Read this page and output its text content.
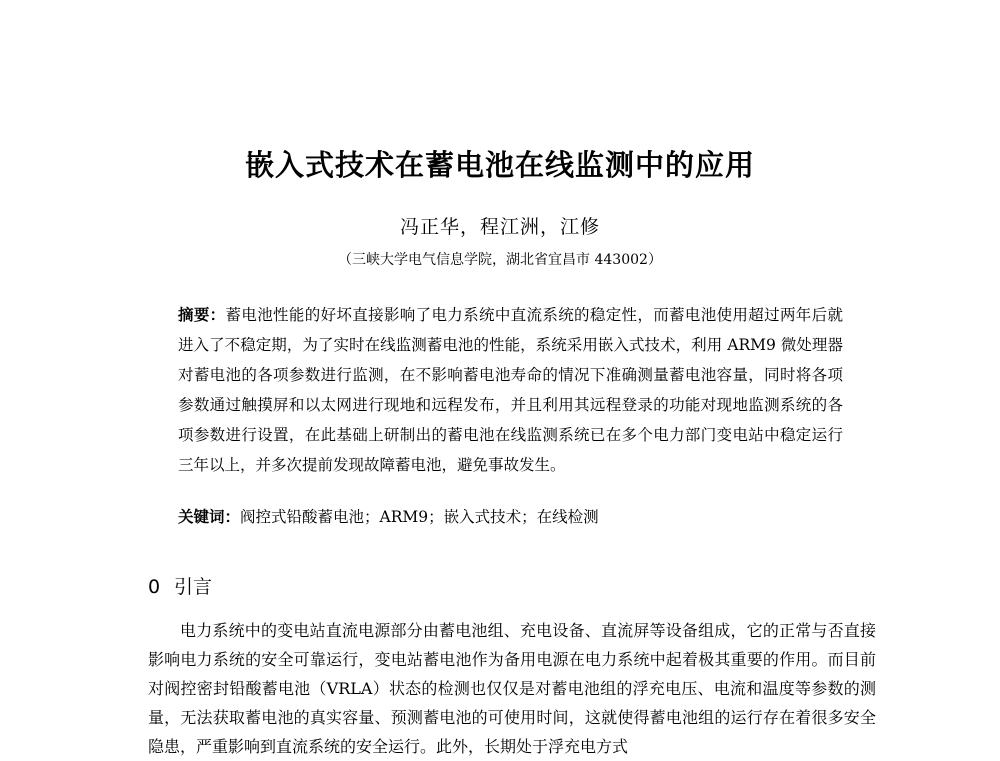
嵌入式技术在蓄电池在线监测中的应用

冯正华，程江洲，江修

（三峡大学电气信息学院，湖北省宜昌市 443002）

摘要：蓄电池性能的好坏直接影响了电力系统中直流系统的稳定性，而蓄电池使用超过两年后就进入了不稳定期，为了实时在线监测蓄电池的性能，系统采用嵌入式技术，利用 ARM9 微处理器对蓄电池的各项参数进行监测，在不影响蓄电池寿命的情况下准确测量蓄电池容量，同时将各项参数通过触摸屏和以太网进行现地和远程发布，并且利用其远程登录的功能对现地监测系统的各项参数进行设置，在此基础上研制出的蓄电池在线监测系统已在多个电力部门变电站中稳定运行三年以上，并多次提前发现故障蓄电池，避免事故发生。

关键词：阀控式铅酸蓄电池；ARM9；嵌入式技术；在线检测

0 引言

电力系统中的变电站直流电源部分由蓄电池组、充电设备、直流屏等设备组成，它的正常与否直接影响电力系统的安全可靠运行，变电站蓄电池作为备用电源在电力系统中起着极其重要的作用。而目前对阀控密封铅酸蓄电池（VRLA）状态的检测也仅仅是对蓄电池组的浮充电压、电流和温度等参数的测量，无法获取蓄电池的真实容量、预测蓄电池的可使用时间，这就使得蓄电池组的运行存在着很多安全隐患，严重影响到直流系统的安全运行。此外，长期处于浮充电方式
